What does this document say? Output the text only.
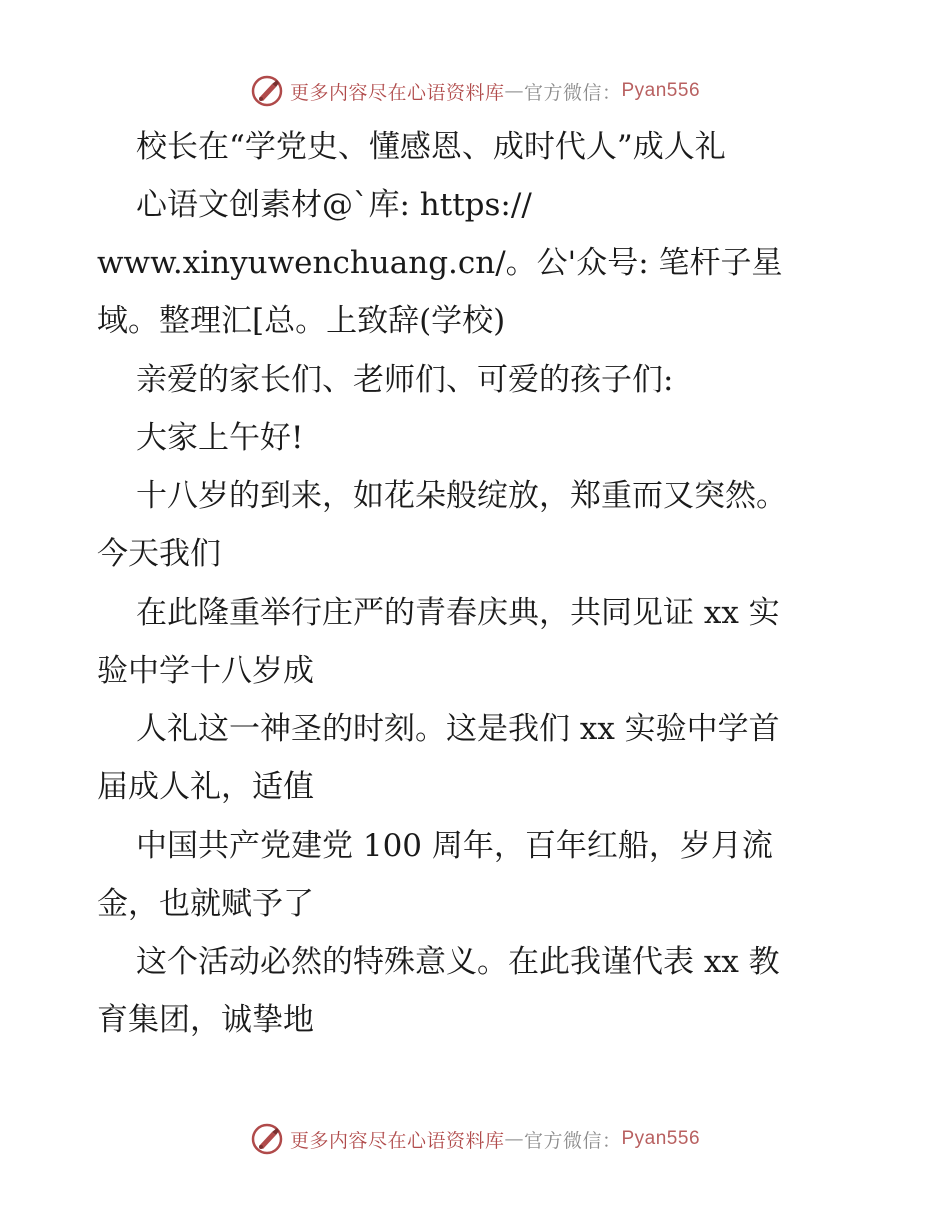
更多内容尽在心语资料库 — 官方微信： Pyan556
校长在“学党史、懂感恩、成时代人”成人礼
心语文创素材@`库: https://
www.xinyuwenchuang.cn/。公'众号: 笔杆子星
域。整理汇[总。上致辞(学校)
亲爱的家长们、老师们、可爱的孩子们:
大家上午好!
十八岁的到来，如花朵般绽放，郑重而又突然。
今天我们
在此隆重举行庄严的青春庆典，共同见证 xx 实
验中学十八岁成
人礼这一神圣的时刻。这是我们 xx 实验中学首
届成人礼，适值
中国共产党建党 100 周年，百年红船，岁月流
金，也就赋予了
这个活动必然的特殊意义。在此我谨代表 xx 教
育集团，诚挚地
更多内容尽在心语资料库 — 官方微信： Pyan556
